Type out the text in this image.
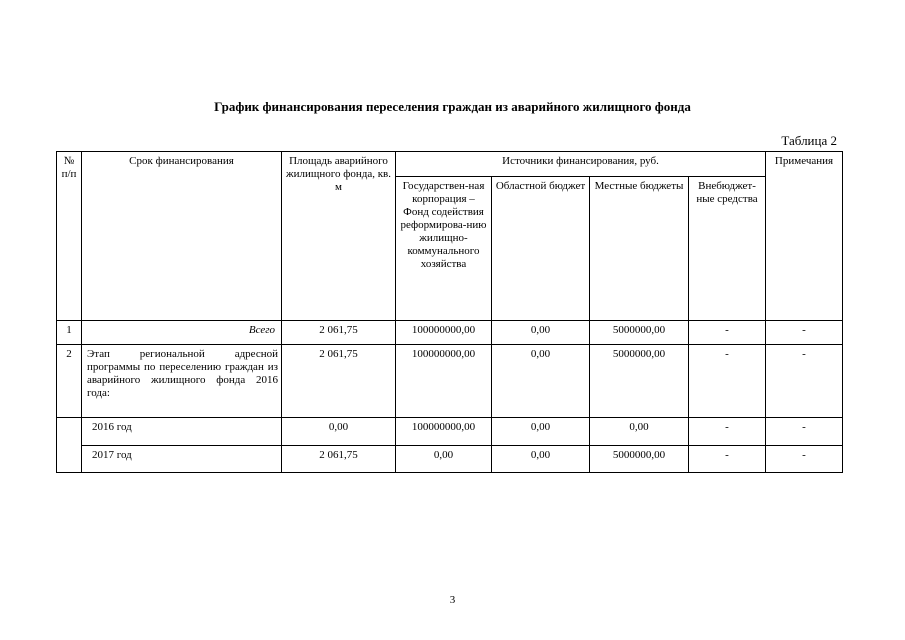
График финансирования переселения граждан из аварийного жилищного фонда
Таблица 2
№ п/п	Срок финансирования	Площадь аварийного жилищного фонда, кв. м	Источники финансирования, руб.				Примечания
			Государствен-ная корпорация – Фонд содействия реформирова-нию жилищно-коммунального хозяйства	Областной бюджет	Местные бюджеты	Внебюджет-ные средства	
1	Всего	2 061,75	100000000,00	0,00	5000000,00	-	-
2	Этап региональной адресной программы по переселению граждан из аварийного жилищного фонда 2016 года:	2 061,75	100000000,00	0,00	5000000,00	-	-
	2016 год	0,00	100000000,00	0,00	0,00	-	-
	2017 год	2 061,75	0,00	0,00	5000000,00	-	-
3
